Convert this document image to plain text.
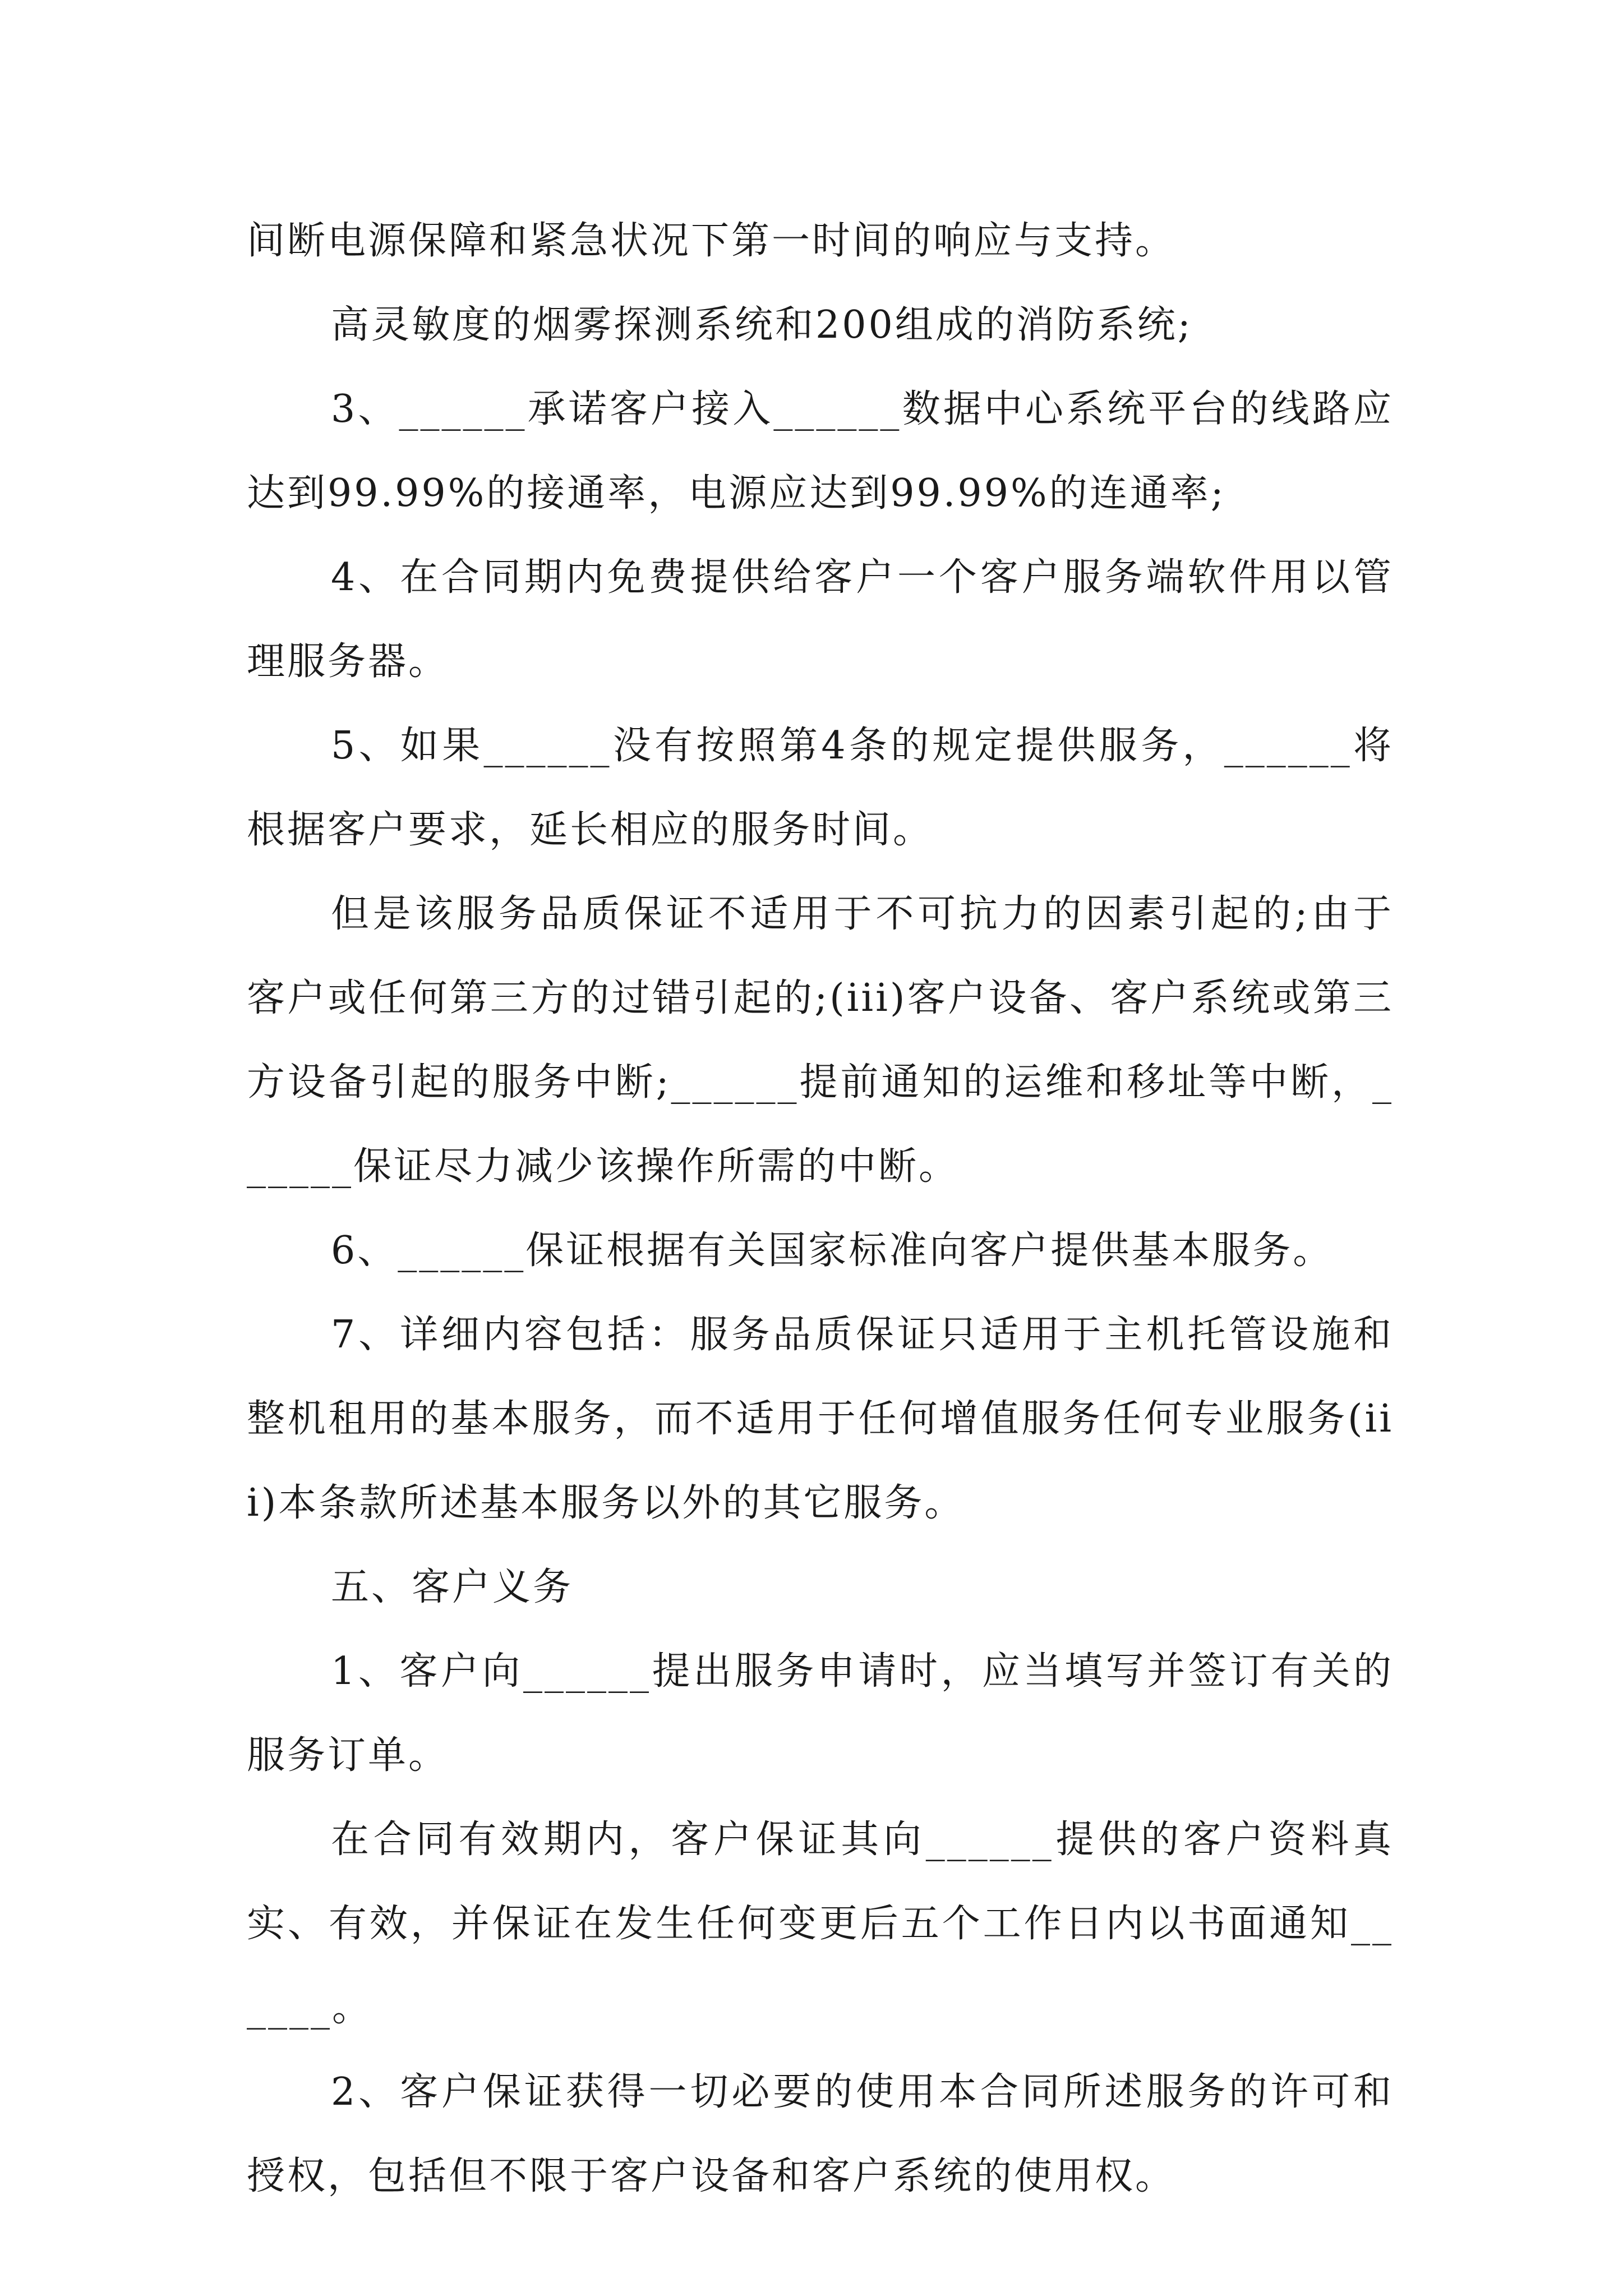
间断电源保障和紧急状况下第一时间的响应与支持。

高灵敏度的烟雾探测系统和200组成的消防系统;

3、______承诺客户接入______数据中心系统平台的线路应达到99.99%的接通率，电源应达到99.99%的连通率;

4、在合同期内免费提供给客户一个客户服务端软件用以管理服务器。

5、如果______没有按照第4条的规定提供服务，______将根据客户要求，延长相应的服务时间。

但是该服务品质保证不适用于不可抗力的因素引起的;由于客户或任何第三方的过错引起的;(iii)客户设备、客户系统或第三方设备引起的服务中断;______提前通知的运维和移址等中断，______保证尽力减少该操作所需的中断。

6、______保证根据有关国家标准向客户提供基本服务。

7、详细内容包括：服务品质保证只适用于主机托管设施和整机租用的基本服务，而不适用于任何增值服务任何专业服务(iii)本条款所述基本服务以外的其它服务。

五、客户义务

1、客户向______提出服务申请时，应当填写并签订有关的服务订单。

在合同有效期内，客户保证其向______提供的客户资料真实、有效，并保证在发生任何变更后五个工作日内以书面通知______。

2、客户保证获得一切必要的使用本合同所述服务的许可和授权，包括但不限于客户设备和客户系统的使用权。
